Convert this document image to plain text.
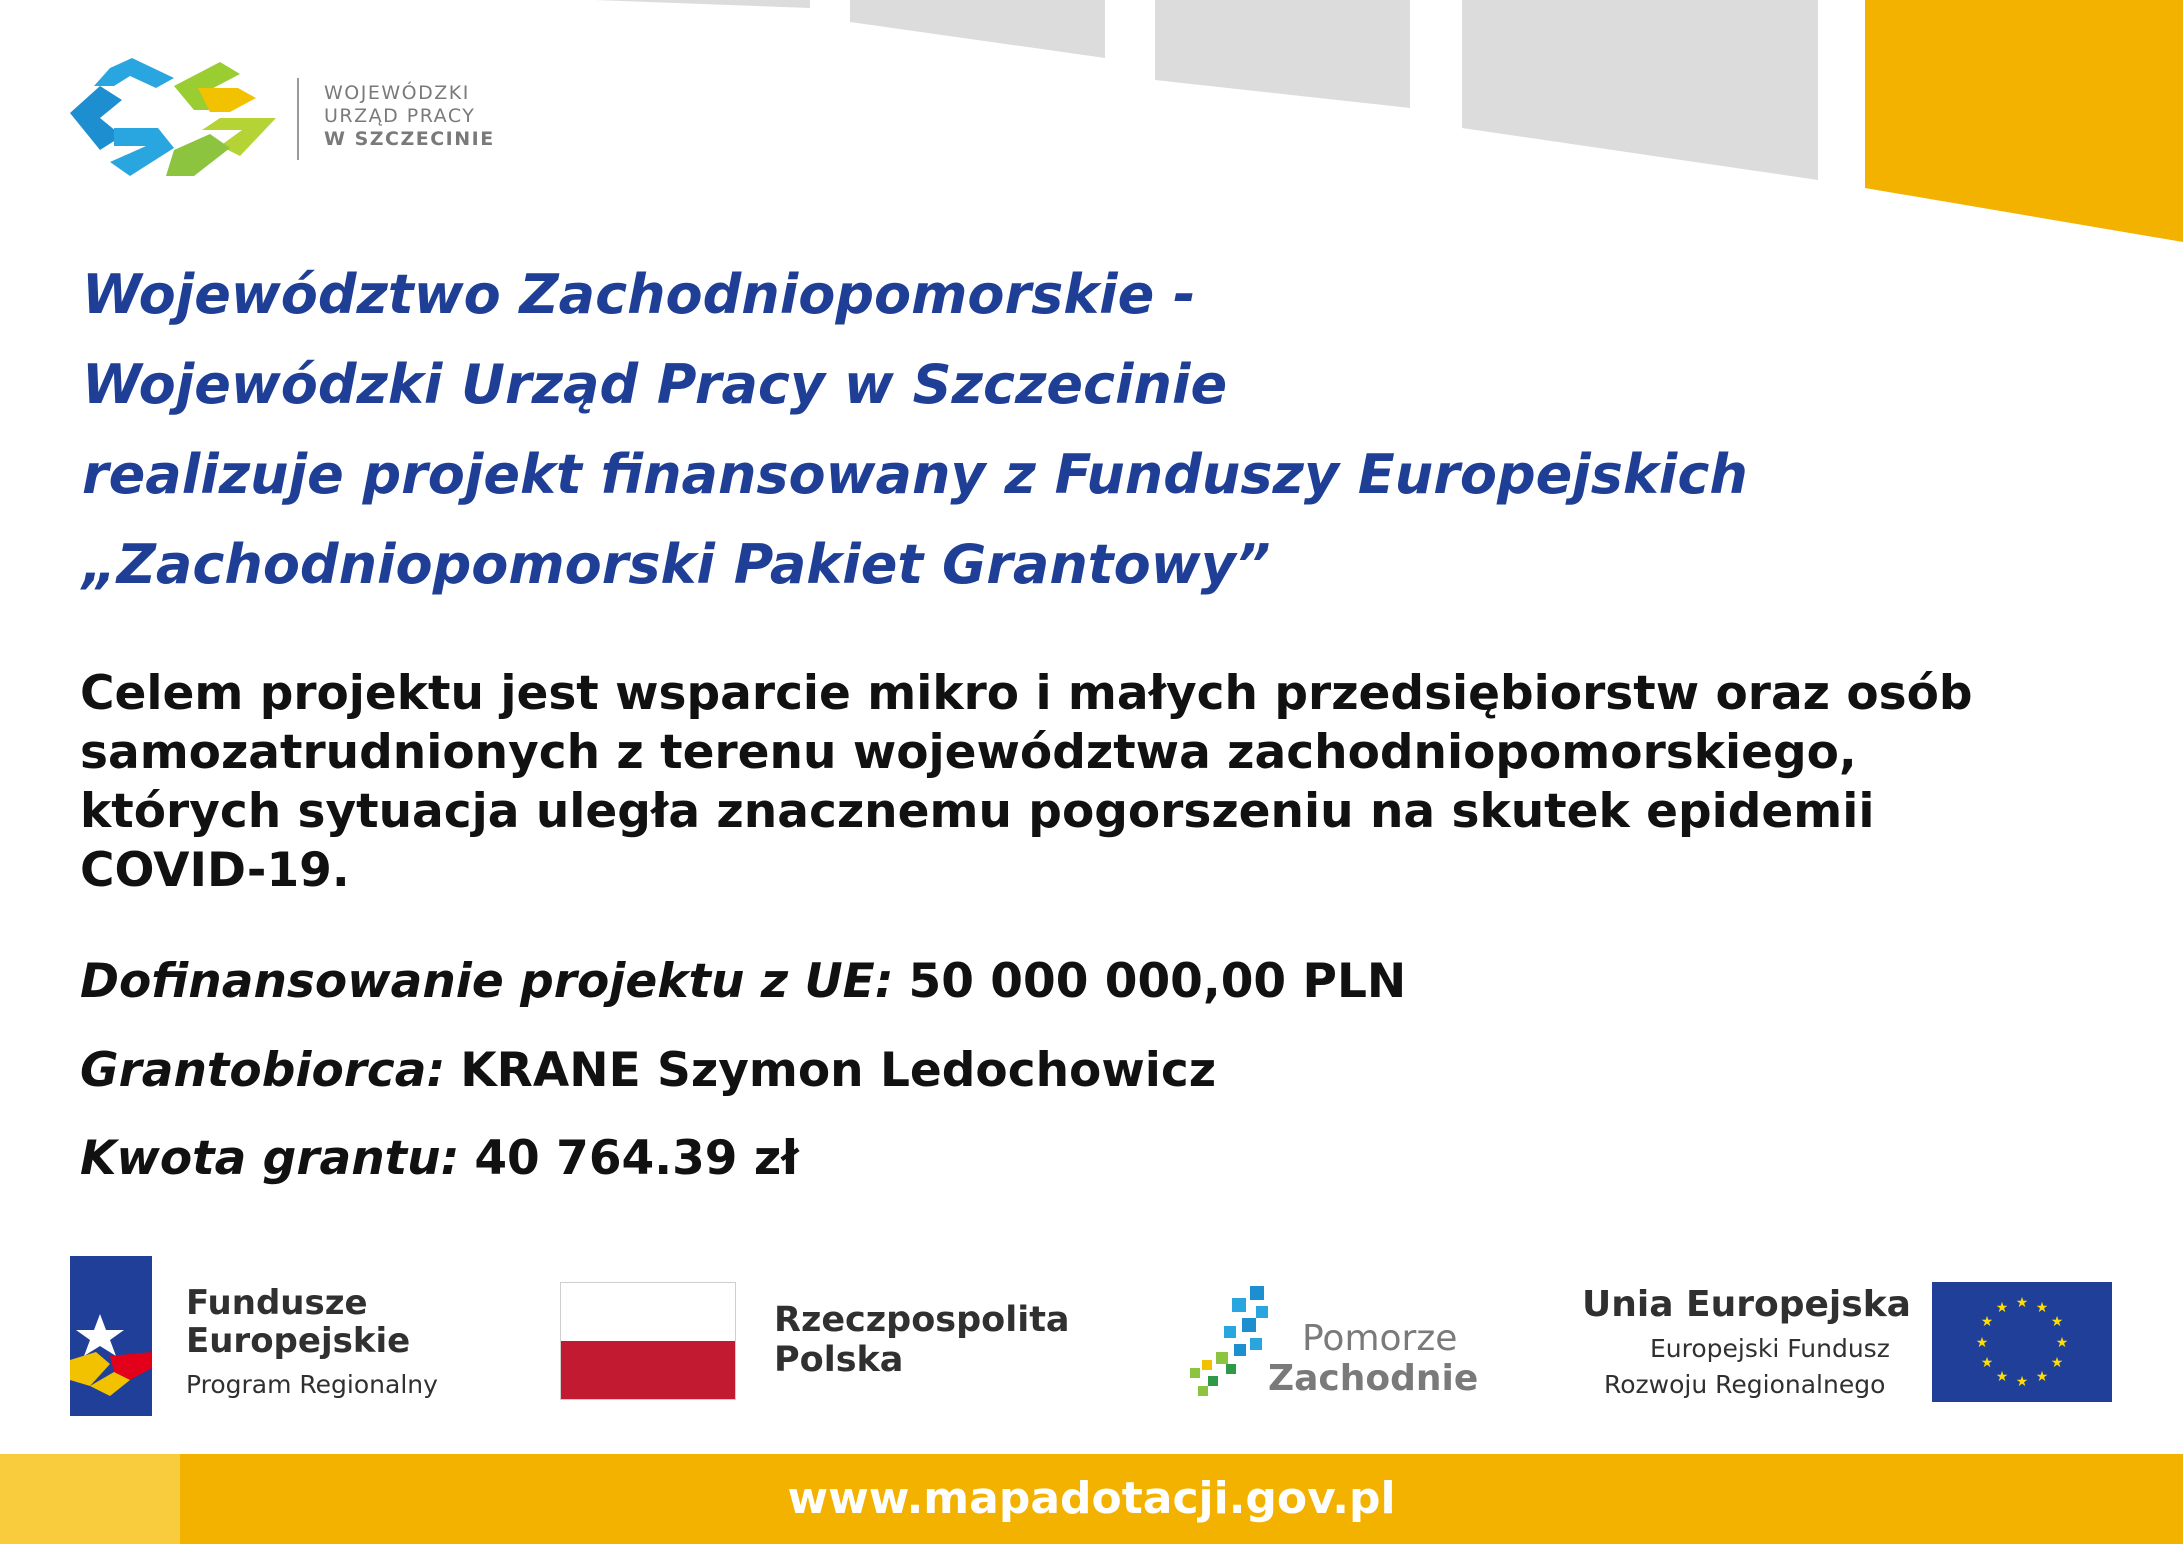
WOJEWÓDZKI
URZĄD PRACY
W SZCZECINIE
Województwo Zachodniopomorskie -
Wojewódzki Urząd Pracy w Szczecinie
realizuje projekt finansowany z Funduszy Europejskich
„Zachodniopomorski Pakiet Grantowy”
Celem projektu jest wsparcie mikro i małych przedsiębiorstw oraz osób
samozatrudnionych z terenu województwa zachodniopomorskiego,
których sytuacja uległa znacznemu pogorszeniu na skutek epidemii
COVID-19.
Dofinansowanie projektu z UE: 50 000 000,00 PLN
Grantobiorca: KRANE Szymon Ledochowicz
Kwota grantu: 40 764.39 zł
Fundusze
Europejskie
Program Regionalny
Rzeczpospolita
Polska
Pomorze
Zachodnie
Unia Europejska
Europejski Fundusz
Rozwoju Regionalnego
★ ★
★
★
★
★
★
★
★
★
★
★
www.mapadotacji.gov.pl
